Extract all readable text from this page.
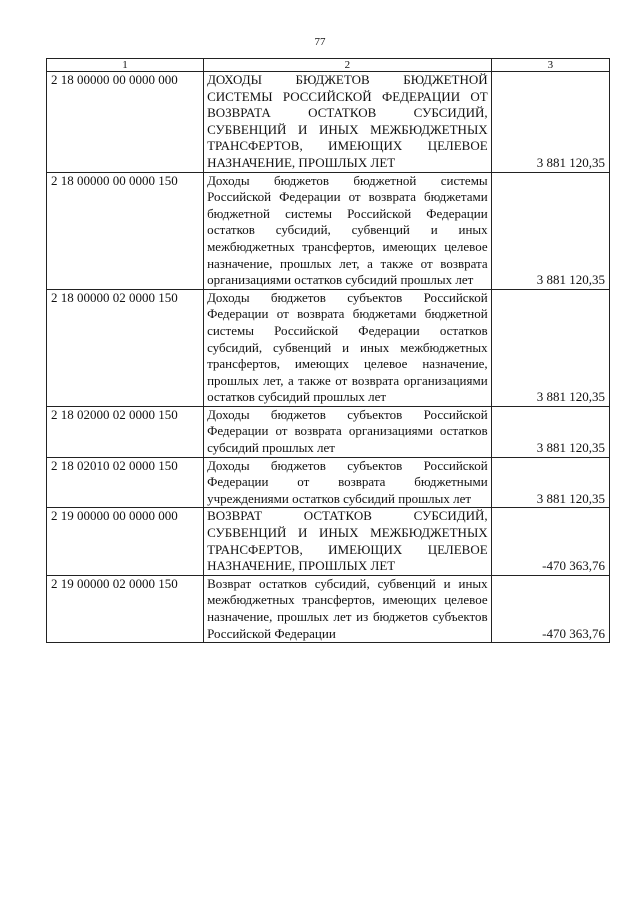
77
1	2	3
2 18 00000 00 0000 000	ДОХОДЫ БЮДЖЕТОВ БЮДЖЕТНОЙ СИСТЕМЫ РОССИЙСКОЙ ФЕДЕРАЦИИ ОТ ВОЗВРАТА ОСТАТКОВ СУБСИДИЙ, СУБВЕНЦИЙ И ИНЫХ МЕЖБЮДЖЕТНЫХ ТРАНСФЕРТОВ, ИМЕЮЩИХ ЦЕЛЕВОЕ НАЗНАЧЕНИЕ, ПРОШЛЫХ ЛЕТ	3 881 120,35
2 18 00000 00 0000 150	Доходы бюджетов бюджетной системы Российской Федерации от возврата бюджетами бюджетной системы Российской Федерации остатков субсидий, субвенций и иных межбюджетных трансфертов, имеющих целевое назначение, прошлых лет, а также от возврата организациями остатков субсидий прошлых лет	3 881 120,35
2 18 00000 02 0000 150	Доходы бюджетов субъектов Российской Федерации от возврата бюджетами бюджетной системы Российской Федерации остатков субсидий, субвенций и иных межбюджетных трансфертов, имеющих целевое назначение, прошлых лет, а также от возврата организациями остатков субсидий прошлых лет	3 881 120,35
2 18 02000 02 0000 150	Доходы бюджетов субъектов Российской Федерации от возврата организациями остатков субсидий прошлых лет	3 881 120,35
2 18 02010 02 0000 150	Доходы бюджетов субъектов Российской Федерации от возврата бюджетными учреждениями остатков субсидий прошлых лет	3 881 120,35
2 19 00000 00 0000 000	ВОЗВРАТ ОСТАТКОВ СУБСИДИЙ, СУБВЕНЦИЙ И ИНЫХ МЕЖБЮДЖЕТНЫХ ТРАНСФЕРТОВ, ИМЕЮЩИХ ЦЕЛЕВОЕ НАЗНАЧЕНИЕ, ПРОШЛЫХ ЛЕТ	-470 363,76
2 19 00000 02 0000 150	Возврат остатков субсидий, субвенций и иных межбюджетных трансфертов, имеющих целевое назначение, прошлых лет из бюджетов субъектов Российской Федерации	-470 363,76
